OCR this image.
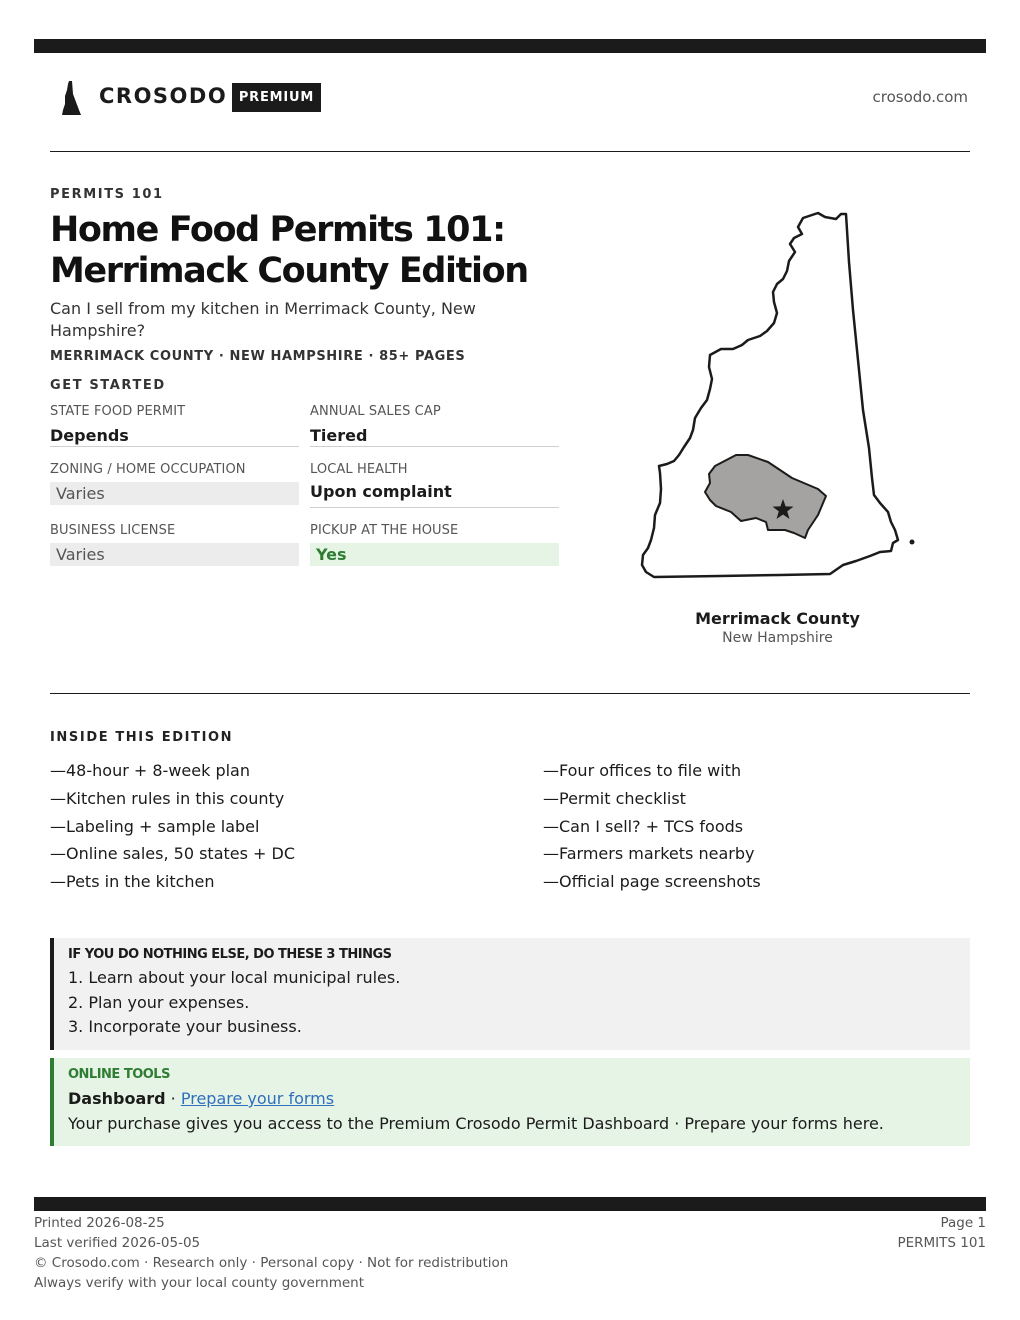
CROSODO PREMIUM	crosodo.com
PERMITS 101
Home Food Permits 101: Merrimack County Edition

Can I sell from my kitchen in Merrimack County, New Hampshire?

MERRIMACK COUNTY · NEW HAMPSHIRE · 85+ PAGES
GET STARTED
STATE FOOD PERMIT
Depends
ANNUAL SALES CAP
Tiered
ZONING / HOME OCCUPATION
Varies
LOCAL HEALTH
Upon complaint
BUSINESS LICENSE
Varies
PICKUP AT THE HOUSE
Yes
Merrimack County
New Hampshire
INSIDE THIS EDITION
—48-hour + 8-week plan
—Kitchen rules in this county
—Labeling + sample label
—Online sales, 50 states + DC
—Pets in the kitchen
—Four offices to file with
—Permit checklist
—Can I sell? + TCS foods
—Farmers markets nearby
—Official page screenshots
IF YOU DO NOTHING ELSE, DO THESE 3 THINGS
1. Learn about your local municipal rules.
2. Plan your expenses.
3. Incorporate your business.
ONLINE TOOLS
Dashboard · Prepare your forms
Your purchase gives you access to the Premium Crosodo Permit Dashboard · Prepare your forms here.
Printed 2026-08-25
Last verified 2026-05-05
© Crosodo.com · Research only · Personal copy · Not for redistribution
Always verify with your local county government
Page 1
PERMITS 101
